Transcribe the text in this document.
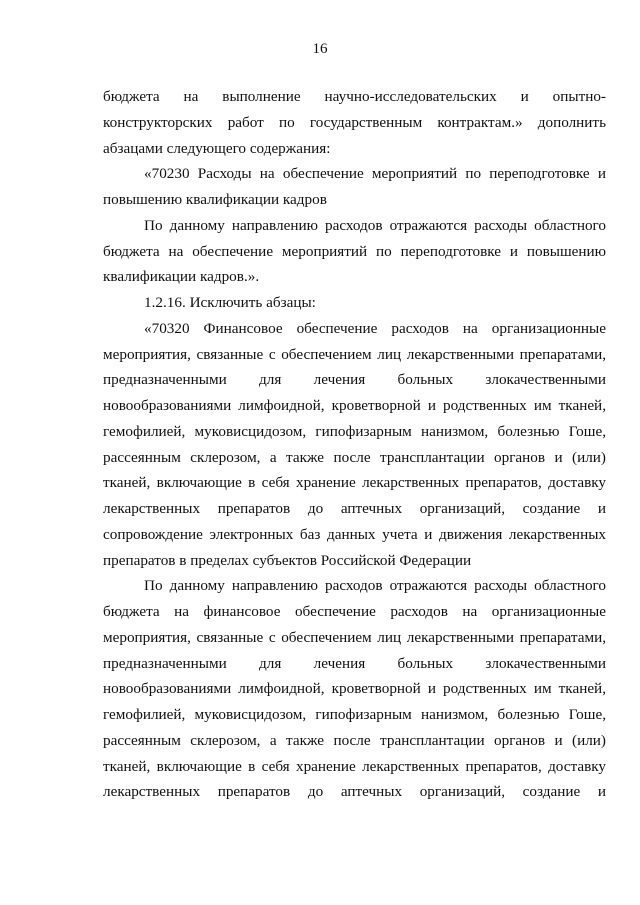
16

бюджета на выполнение научно-исследовательских и опытно-конструкторских работ по государственным контрактам.» дополнить абзацами следующего содержания:

«70230 Расходы на обеспечение мероприятий по переподготовке и повышению квалификации кадров

По данному направлению расходов отражаются расходы областного бюджета на обеспечение мероприятий по переподготовке и повышению квалификации кадров.».

1.2.16. Исключить абзацы:

«70320 Финансовое обеспечение расходов на организационные мероприятия, связанные с обеспечением лиц лекарственными препаратами, предназначенными для лечения больных злокачественными новообразованиями лимфоидной, кроветворной и родственных им тканей, гемофилией, муковисцидозом, гипофизарным нанизмом, болезнью Гоше, рассеянным склерозом, а также после трансплантации органов и (или) тканей, включающие в себя хранение лекарственных препаратов, доставку лекарственных препаратов до аптечных организаций, создание и сопровождение электронных баз данных учета и движения лекарственных препаратов в пределах субъектов Российской Федерации

По данному направлению расходов отражаются расходы областного бюджета на финансовое обеспечение расходов на организационные мероприятия, связанные с обеспечением лиц лекарственными препаратами, предназначенными для лечения больных злокачественными новообразованиями лимфоидной, кроветворной и родственных им тканей, гемофилией, муковисцидозом, гипофизарным нанизмом, болезнью Гоше, рассеянным склерозом, а также после трансплантации органов и (или) тканей, включающие в себя хранение лекарственных препаратов, доставку лекарственных препаратов до аптечных организаций, создание и
